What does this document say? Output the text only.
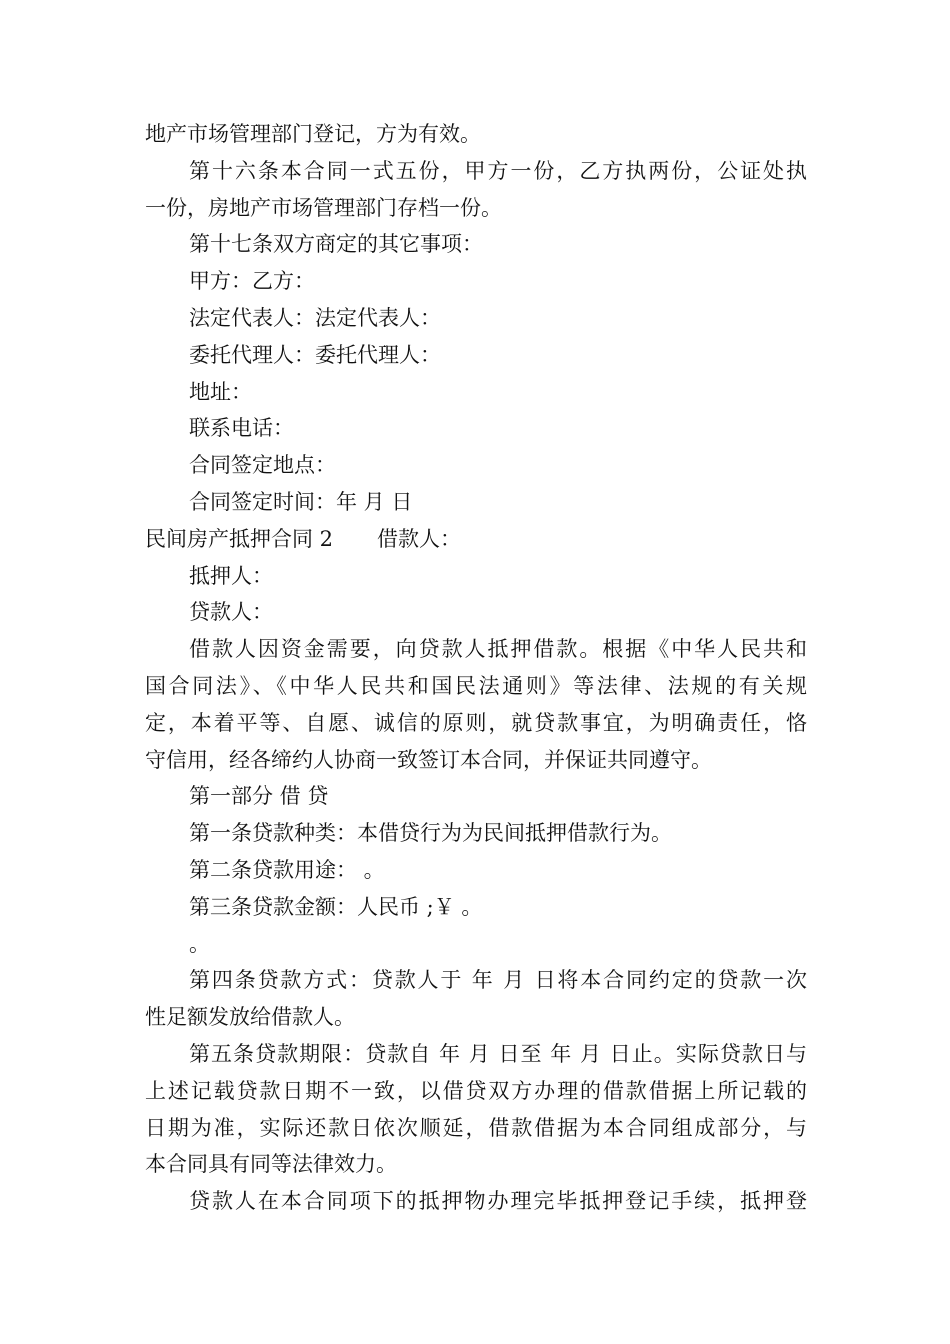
地产市场管理部门登记，方为有效。
第十六条本合同一式五份，甲方一份，乙方执两份，公证处执
一份，房地产市场管理部门存档一份。
第十七条双方商定的其它事项：
甲方：乙方：
法定代表人：法定代表人：
委托代理人：委托代理人：
地址：
联系电话：
合同签定地点：
合同签定时间：年 月 日
民间房产抵押合同 2 借款人：
抵押人：
贷款人：
借款人因资金需要，向贷款人抵押借款。根据《中华人民共和
国合同法》、《中华人民共和国民法通则》等法律、法规的有关规
定，本着平等、自愿、诚信的原则，就贷款事宜，为明确责任，恪
守信用，经各缔约人协商一致签订本合同，并保证共同遵守。
第一部分 借 贷
第一条贷款种类：本借贷行为为民间抵押借款行为。
第二条贷款用途： 。
第三条贷款金额：人民币 ;￥ 。
。
第四条贷款方式：贷款人于 年 月 日将本合同约定的贷款一次
性足额发放给借款人。
第五条贷款期限：贷款自 年 月 日至 年 月 日止。实际贷款日与
上述记载贷款日期不一致，以借贷双方办理的借款借据上所记载的
日期为准，实际还款日依次顺延，借款借据为本合同组成部分，与
本合同具有同等法律效力。
贷款人在本合同项下的抵押物办理完毕抵押登记手续，抵押登
